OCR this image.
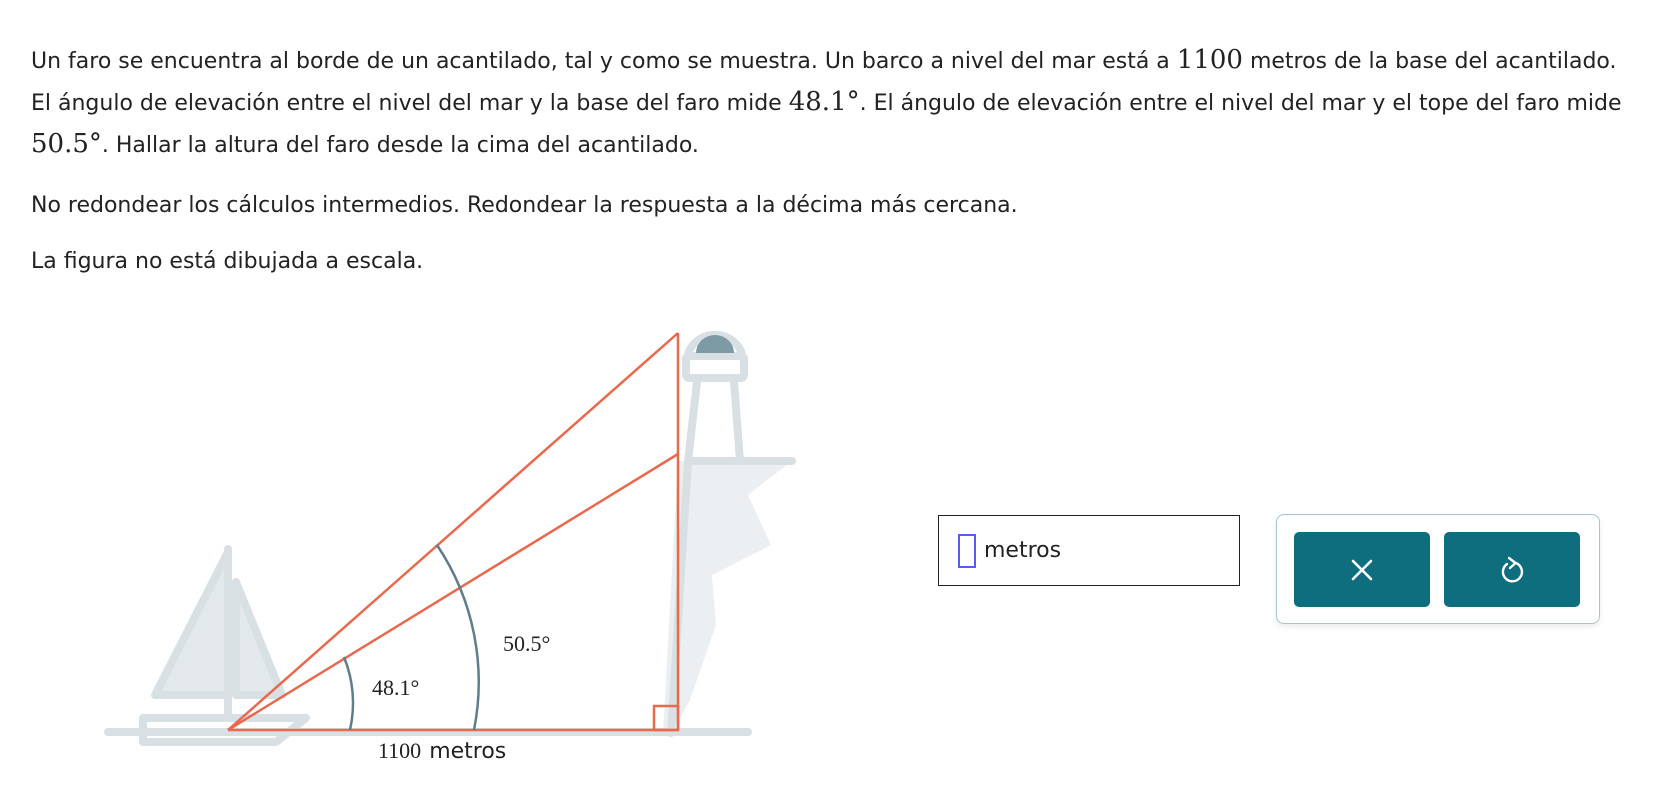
Un faro se encuentra al borde de un acantilado, tal y como se muestra. Un barco a nivel del mar está a 1100 metros de la base del acantilado. El ángulo de elevación entre el nivel del mar y la base del faro mide 48.1°. El ángulo de elevación entre el nivel del mar y el tope del faro mide 50.5°. Hallar la altura del faro desde la cima del acantilado.

No redondear los cálculos intermedios. Redondear la respuesta a la décima más cercana.

La figura no está dibujada a escala.

48.1°
50.5°
1100 metros
metros
